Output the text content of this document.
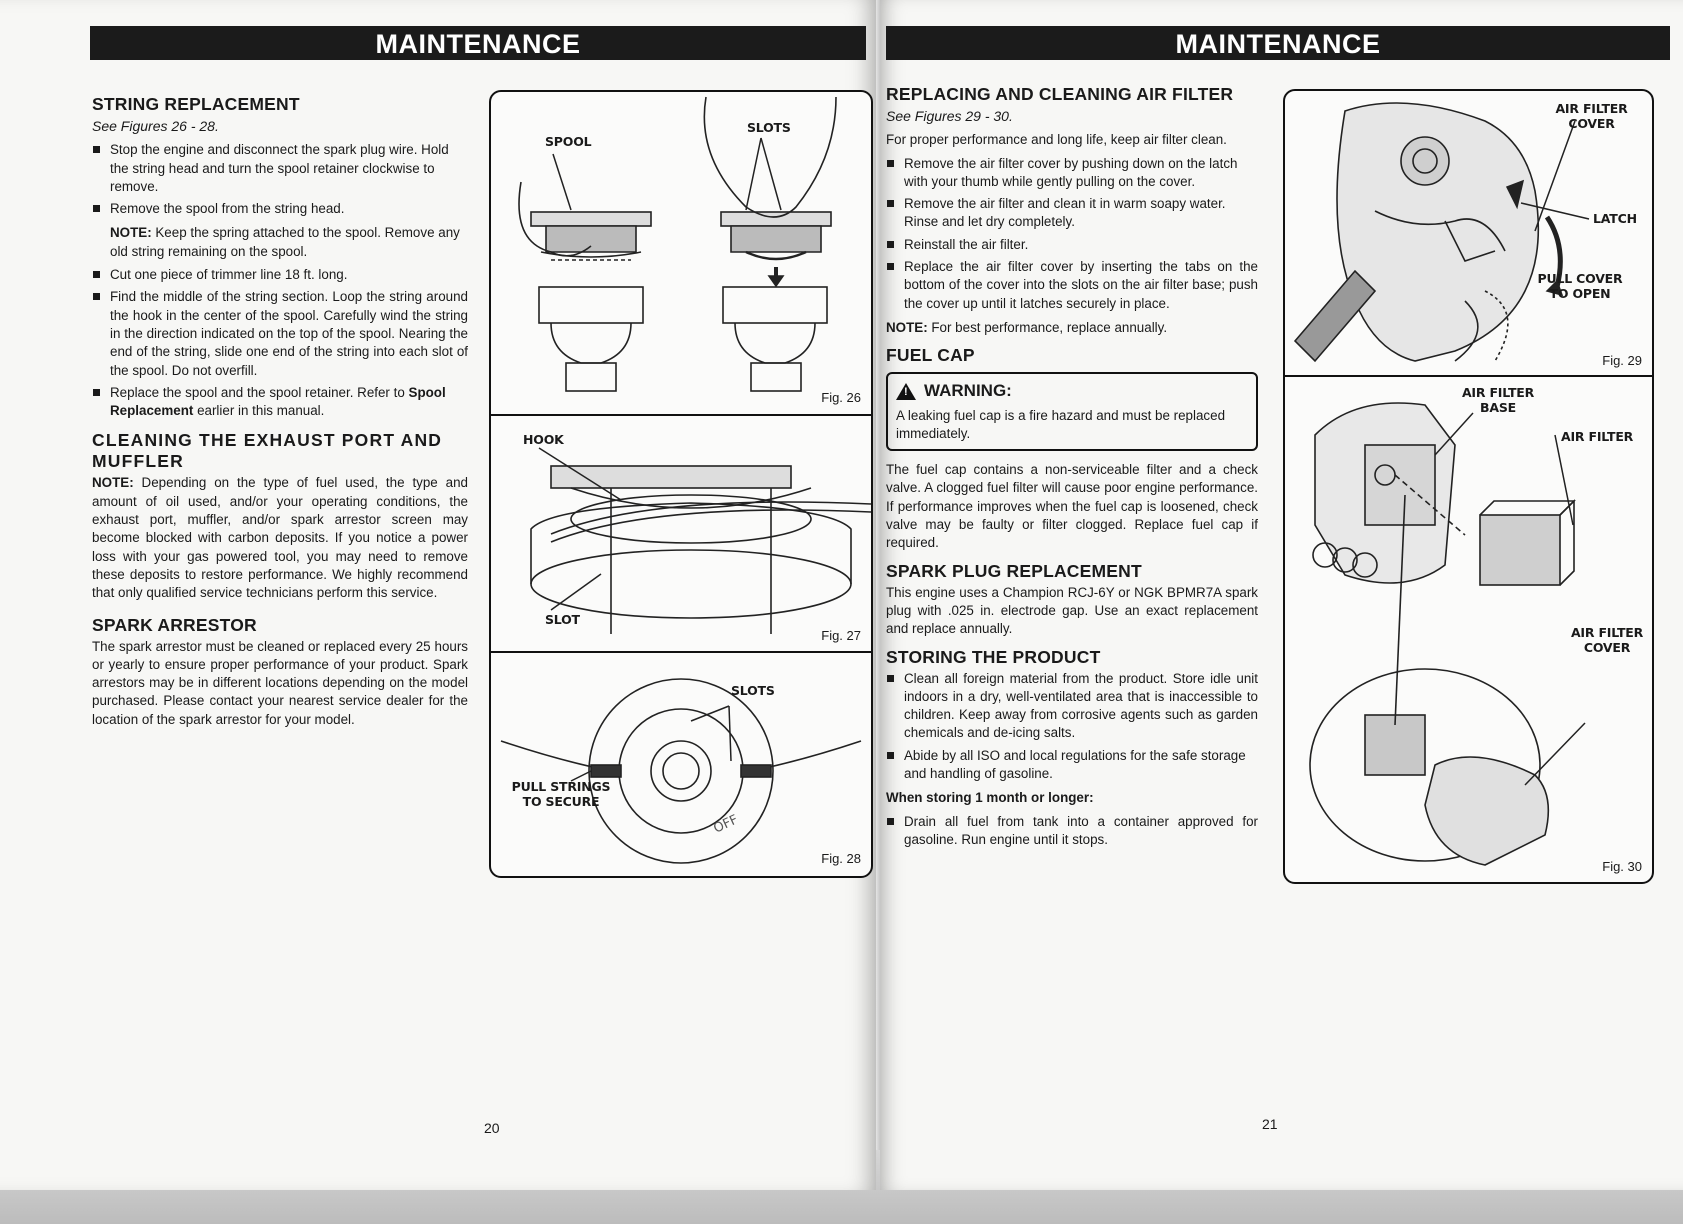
MAINTENANCE
STRING REPLACEMENT
See Figures 26 - 28.
Stop the engine and disconnect the spark plug wire. Hold the string head and turn the spool retainer clockwise to remove.
Remove the spool from the string head.
NOTE: Keep the spring attached to the spool. Remove any old string remaining on the spool.
Cut one piece of trimmer line 18 ft. long.
Find the middle of the string section. Loop the string around the hook in the center of the spool. Carefully wind the string in the direction indicated on the top of the spool. Nearing the end of the string, slide one end of the string into each slot of the spool. Do not overfill.
Replace the spool and the spool retainer. Refer to Spool Replacement earlier in this manual.
CLEANING THE EXHAUST PORT AND MUFFLER

NOTE: Depending on the type of fuel used, the type and amount of oil used, and/or your operating conditions, the exhaust port, muffler, and/or spark arrestor screen may become blocked with carbon deposits. If you notice a power loss with your gas powered tool, you may need to remove these deposits to restore performance. We highly recommend that only qualified service technicians perform this service.

SPARK ARRESTOR

The spark arrestor must be cleaned or replaced every 25 hours or yearly to ensure proper performance of your product. Spark arrestors may be in different locations depending on the model purchased. Please contact your nearest service dealer for the location of the spark arrestor for your model.

SPOOL
SLOTS
Fig. 26
HOOK
SLOT
Fig. 27
OFF
SLOTS
PULL STRINGS TO SECURE
Fig. 28
20
MAINTENANCE
REPLACING AND CLEANING AIR FILTER
See Figures 29 - 30.

For proper performance and long life, keep air filter clean.

Remove the air filter cover by pushing down on the latch with your thumb while gently pulling on the cover.
Remove the air filter and clean it in warm soapy water. Rinse and let dry completely.
Reinstall the air filter.
Replace the air filter cover by inserting the tabs on the bottom of the cover into the slots on the air filter base; push the cover up until it latches securely in place.

NOTE: For best performance, replace annually.

FUEL CAP
! WARNING:
A leaking fuel cap is a fire hazard and must be replaced immediately.

The fuel cap contains a non-serviceable filter and a check valve. A clogged fuel filter will cause poor engine performance. If performance improves when the fuel cap is loosened, check valve may be faulty or filter clogged. Replace fuel cap if required.

SPARK PLUG REPLACEMENT

This engine uses a Champion RCJ-6Y or NGK BPMR7A spark plug with .025 in. electrode gap. Use an exact replacement and replace annually.

STORING THE PRODUCT
Clean all foreign material from the product. Store idle unit indoors in a dry, well-ventilated area that is inaccessible to children. Keep away from corrosive agents such as garden chemicals and de-icing salts.
Abide by all ISO and local regulations for the safe storage and handling of gasoline.

When storing 1 month or longer:

Drain all fuel from tank into a container approved for gasoline. Run engine until it stops.
AIR FILTER COVER
LATCH
PULL COVER TO OPEN
Fig. 29
AIR FILTER BASE
AIR FILTER
AIR FILTER COVER
Fig. 30
21
